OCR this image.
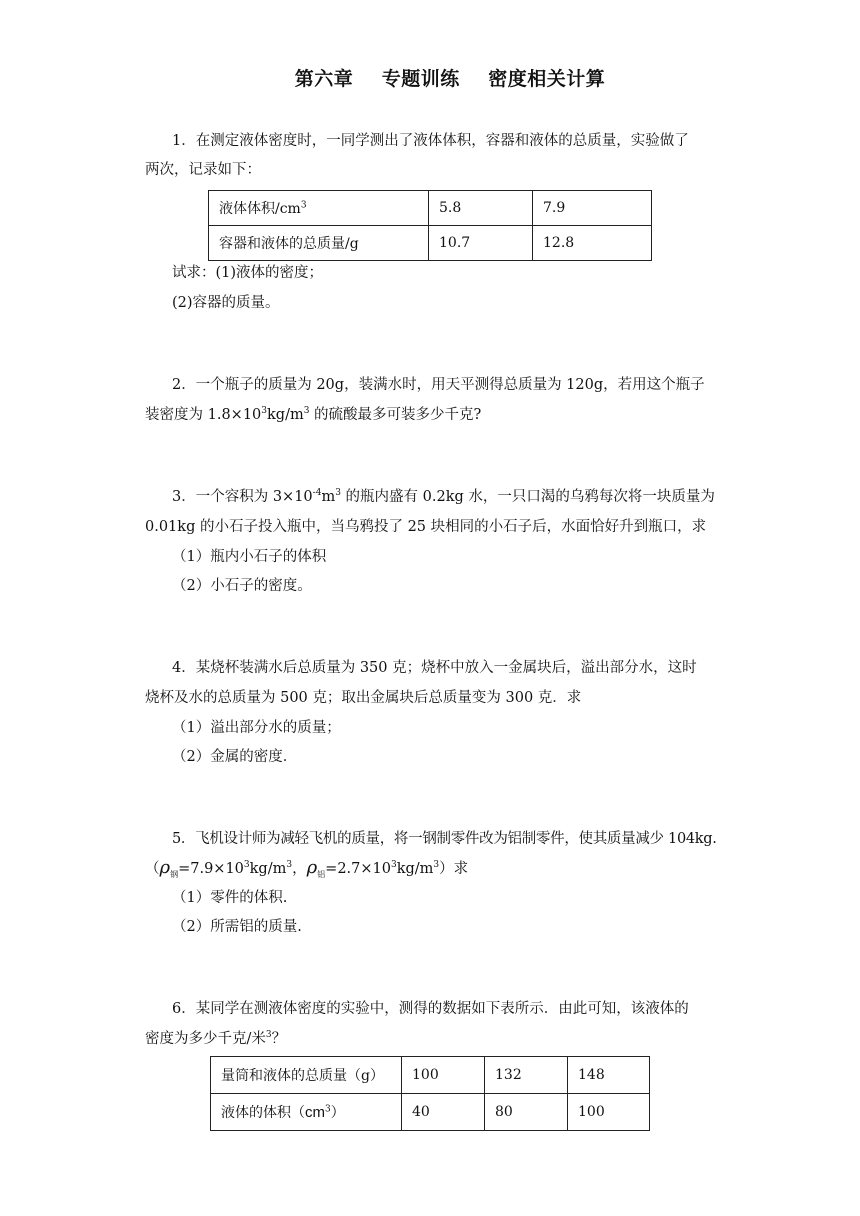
第六章    专题训练    密度相关计算
1．在测定液体密度时，一同学测出了液体体积，容器和液体的总质量，实验做了
两次，记录如下：
液体体积$/cm^3$	5.8	7.9
容器和液体的总质量/g	10.7	12.8
试求：(1)液体的密度；
(2)容器的质量。
2．一个瓶子的质量为 20g，装满水时，用天平测得总质量为 120g，若用这个瓶子
装密度为 $1.8\times 10^3kg/m^3$ 的硫酸最多可装多少千克?
3．一个容积为 $3\times 10^{-4}m^3$ 的瓶内盛有 0.2kg 水，一只口渴的乌鸦每次将一块质量为
0.01kg 的小石子投入瓶中，当乌鸦投了 25 块相同的小石子后，水面恰好升到瓶口，求
（1）瓶内小石子的体积
（2）小石子的密度。
4．某烧杯装满水后总质量为 350 克；烧杯中放入一金属块后，溢出部分水，这时
烧杯及水的总质量为 500 克；取出金属块后总质量变为 300 克．求
（1）溢出部分水的质量；
（2）金属的密度．
5．飞机设计师为减轻飞机的质量，将一钢制零件改为铝制零件，使其质量减少 104kg.
（$\rho_钢=7.9\times 10^3kg/m^3$，$\rho_铝=2.7\times 10^3kg/m^3$）求
（1）零件的体积.
（2）所需铝的质量.
6．某同学在测液体密度的实验中，测得的数据如下表所示．由此可知，该液体的
密度为多少千克/米$^3$？
量筒和液体的总质量（g）	100	132	148
液体的体积$(cm^3)$	40	80	100
